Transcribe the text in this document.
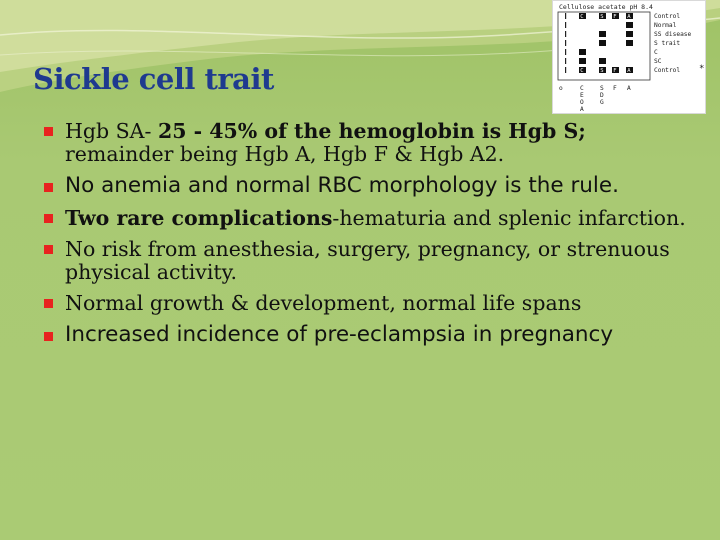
Sickle cell trait
Cellulose acetate pH 8.4
Control
Normal
SS disease
S trait
C
SC
Control
C	S F A
C	S F A	*
o	C	S F A
E	D
O	G
A
Hgb SA- 25 - 45% of the hemoglobin is Hgb S; remainder being Hgb A, Hgb F & Hgb A2.
No anemia and normal RBC morphology is the rule.
Two rare complications-hematuria and splenic infarction.
No risk from anesthesia, surgery, pregnancy, or strenuous physical activity.
Normal growth & development, normal life spans
Increased incidence of pre-eclampsia in pregnancy
